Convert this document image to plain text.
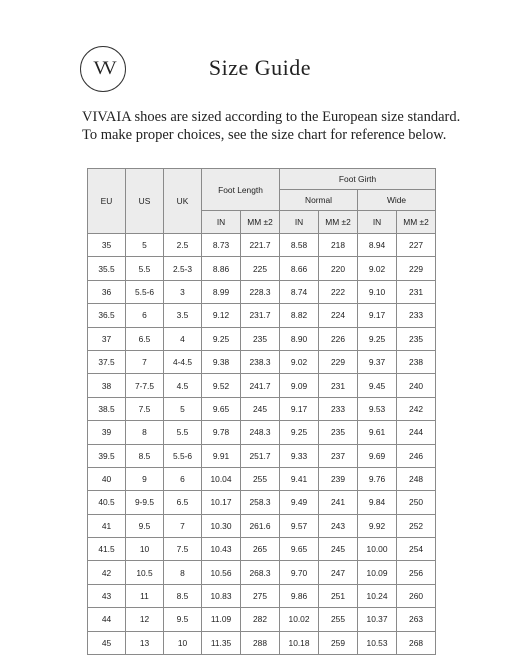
VV	Size Guide
VIVAIA shoes are sized according to the European size standard.
To make proper choices, see the size chart for reference below.
EU	US	UK	Foot Length		Foot Girth			
					Normal		Wide	
			IN	MM ±2	IN	MM ±2	IN	MM ±2
35	5	2.5	8.73	221.7	8.58	218	8.94	227
35.5	5.5	2.5-3	8.86	225	8.66	220	9.02	229
36	5.5-6	3	8.99	228.3	8.74	222	9.10	231
36.5	6	3.5	9.12	231.7	8.82	224	9.17	233
37	6.5	4	9.25	235	8.90	226	9.25	235
37.5	7	4-4.5	9.38	238.3	9.02	229	9.37	238
38	7-7.5	4.5	9.52	241.7	9.09	231	9.45	240
38.5	7.5	5	9.65	245	9.17	233	9.53	242
39	8	5.5	9.78	248.3	9.25	235	9.61	244
39.5	8.5	5.5-6	9.91	251.7	9.33	237	9.69	246
40	9	6	10.04	255	9.41	239	9.76	248
40.5	9-9.5	6.5	10.17	258.3	9.49	241	9.84	250
41	9.5	7	10.30	261.6	9.57	243	9.92	252
41.5	10	7.5	10.43	265	9.65	245	10.00	254
42	10.5	8	10.56	268.3	9.70	247	10.09	256
43	11	8.5	10.83	275	9.86	251	10.24	260
44	12	9.5	11.09	282	10.02	255	10.37	263
45	13	10	11.35	288	10.18	259	10.53	268
